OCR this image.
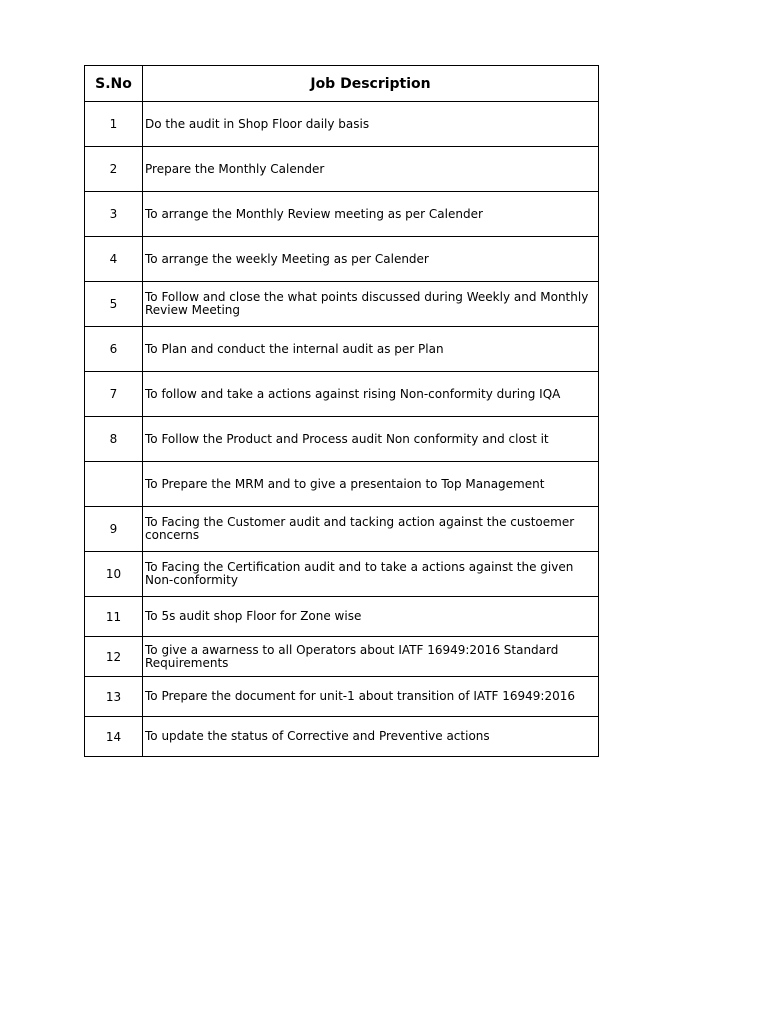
S.No	Job Description
1	Do the audit in Shop Floor daily basis
2	Prepare the Monthly Calender
3	To arrange the Monthly Review meeting as per Calender
4	To arrange the weekly Meeting as per Calender
5	To Follow and close the what points discussed during Weekly and Monthly Review Meeting
6	To Plan and conduct the internal audit as per Plan
7	To follow and take a actions against rising Non-conformity during IQA
8	To Follow the Product and Process audit Non conformity and clost it
	To Prepare the MRM and to give a presentaion to Top Management
9	To Facing the Customer audit and tacking action against the custoemer concerns
10	To Facing the Certification audit and to take a actions against the given Non-conformity
11	To 5s audit shop Floor for Zone wise
12	To give a awarness to all Operators about IATF 16949:2016 Standard Requirements
13	To Prepare the document for unit-1 about transition of IATF 16949:2016
14	To update the status of Corrective and Preventive actions
